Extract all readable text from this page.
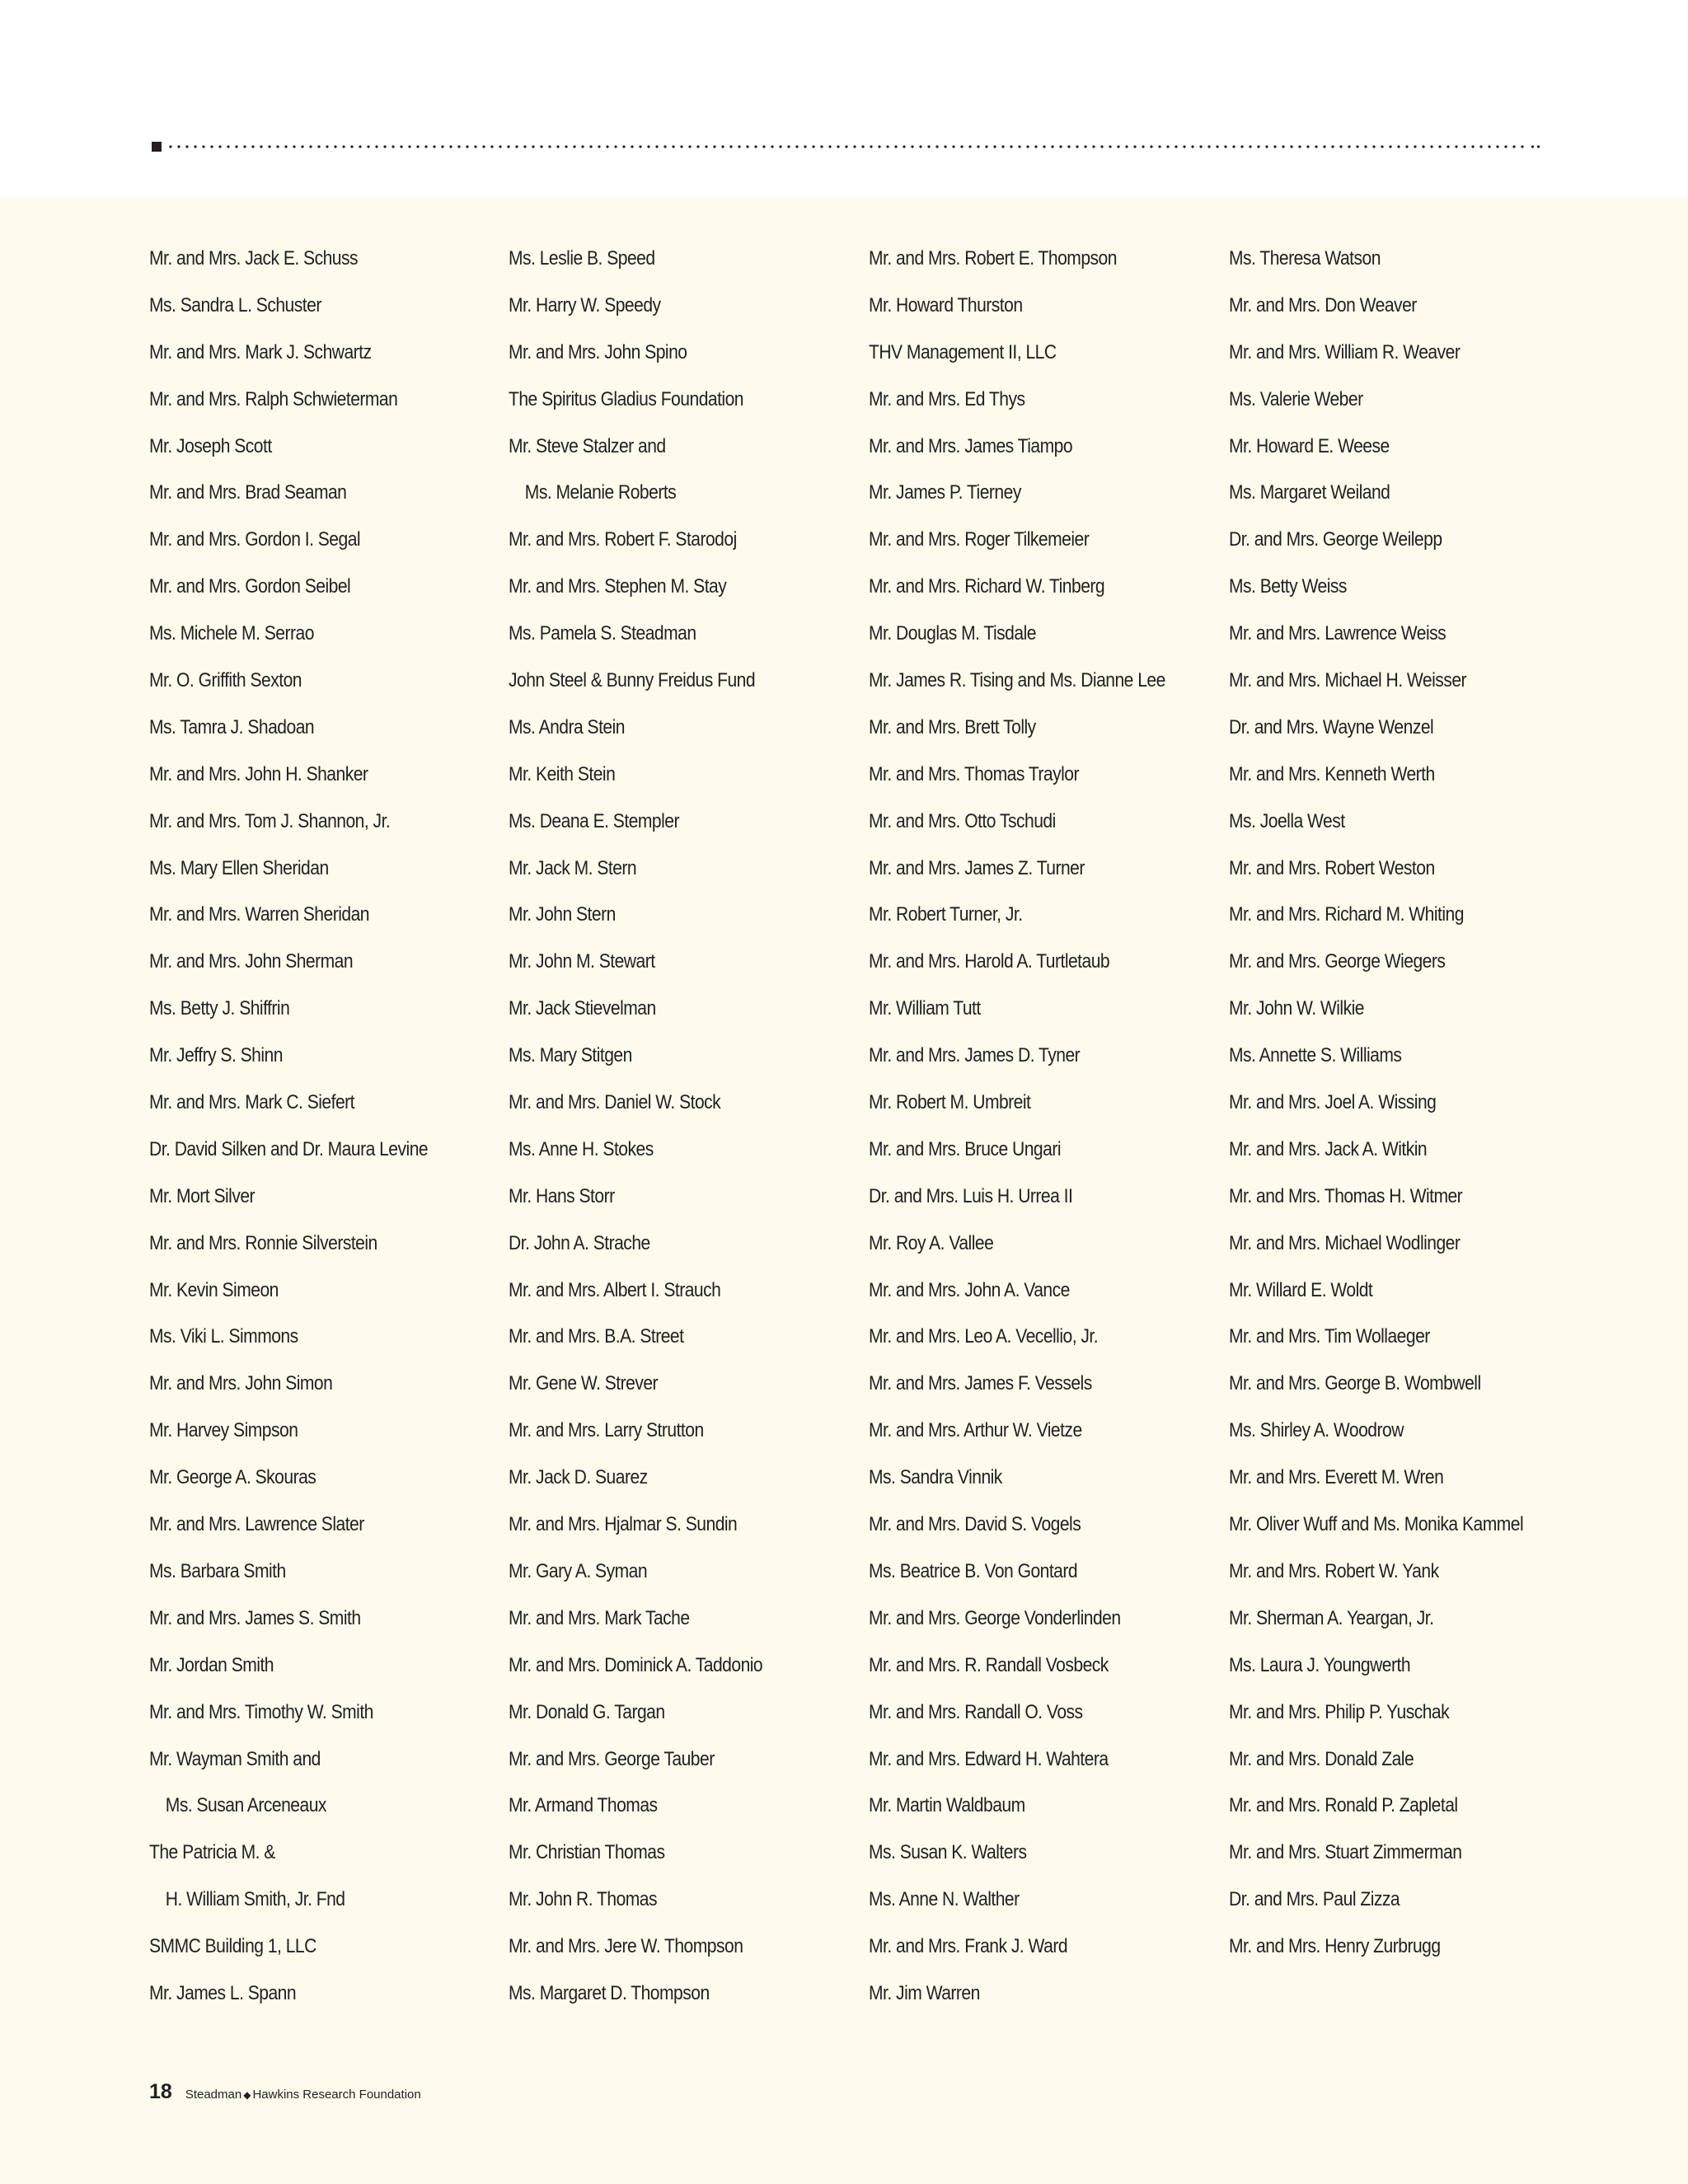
Mr. and Mrs. Jack E. Schuss
Ms. Sandra L. Schuster
Mr. and Mrs. Mark J. Schwartz
Mr. and Mrs. Ralph Schwieterman
Mr. Joseph Scott
Mr. and Mrs. Brad Seaman
Mr. and Mrs. Gordon I. Segal
Mr. and Mrs. Gordon Seibel
Ms. Michele M. Serrao
Mr. O. Griffith Sexton
Ms. Tamra J. Shadoan
Mr. and Mrs. John H. Shanker
Mr. and Mrs. Tom J. Shannon, Jr.
Ms. Mary Ellen Sheridan
Mr. and Mrs. Warren Sheridan
Mr. and Mrs. John Sherman
Ms. Betty J. Shiffrin
Mr. Jeffry S. Shinn
Mr. and Mrs. Mark C. Siefert
Dr. David Silken and Dr. Maura Levine
Mr. Mort Silver
Mr. and Mrs. Ronnie Silverstein
Mr. Kevin Simeon
Ms. Viki L. Simmons
Mr. and Mrs. John Simon
Mr. Harvey Simpson
Mr. George A. Skouras
Mr. and Mrs. Lawrence Slater
Ms. Barbara Smith
Mr. and Mrs. James S. Smith
Mr. Jordan Smith
Mr. and Mrs. Timothy W. Smith
Mr. Wayman Smith and
Ms. Susan Arceneaux
The Patricia M. &
H. William Smith, Jr. Fnd
SMMC Building 1, LLC
Mr. James L. Spann
Ms. Leslie B. Speed
Mr. Harry W. Speedy
Mr. and Mrs. John Spino
The Spiritus Gladius Foundation
Mr. Steve Stalzer and
Ms. Melanie Roberts
Mr. and Mrs. Robert F. Starodoj
Mr. and Mrs. Stephen M. Stay
Ms. Pamela S. Steadman
John Steel & Bunny Freidus Fund
Ms. Andra Stein
Mr. Keith Stein
Ms. Deana E. Stempler
Mr. Jack M. Stern
Mr. John Stern
Mr. John M. Stewart
Mr. Jack Stievelman
Ms. Mary Stitgen
Mr. and Mrs. Daniel W. Stock
Ms. Anne H. Stokes
Mr. Hans Storr
Dr. John A. Strache
Mr. and Mrs. Albert I. Strauch
Mr. and Mrs. B.A. Street
Mr. Gene W. Strever
Mr. and Mrs. Larry Strutton
Mr. Jack D. Suarez
Mr. and Mrs. Hjalmar S. Sundin
Mr. Gary A. Syman
Mr. and Mrs. Mark Tache
Mr. and Mrs. Dominick A. Taddonio
Mr. Donald G. Targan
Mr. and Mrs. George Tauber
Mr. Armand Thomas
Mr. Christian Thomas
Mr. John R. Thomas
Mr. and Mrs. Jere W. Thompson
Ms. Margaret D. Thompson
Mr. and Mrs. Robert E. Thompson
Mr. Howard Thurston
THV Management II, LLC
Mr. and Mrs. Ed Thys
Mr. and Mrs. James Tiampo
Mr. James P. Tierney
Mr. and Mrs. Roger Tilkemeier
Mr. and Mrs. Richard W. Tinberg
Mr. Douglas M. Tisdale
Mr. James R. Tising and Ms. Dianne Lee
Mr. and Mrs. Brett Tolly
Mr. and Mrs. Thomas Traylor
Mr. and Mrs. Otto Tschudi
Mr. and Mrs. James Z. Turner
Mr. Robert Turner, Jr.
Mr. and Mrs. Harold A. Turtletaub
Mr. William Tutt
Mr. and Mrs. James D. Tyner
Mr. Robert M. Umbreit
Mr. and Mrs. Bruce Ungari
Dr. and Mrs. Luis H. Urrea II
Mr. Roy A. Vallee
Mr. and Mrs. John A. Vance
Mr. and Mrs. Leo A. Vecellio, Jr.
Mr. and Mrs. James F. Vessels
Mr. and Mrs. Arthur W. Vietze
Ms. Sandra Vinnik
Mr. and Mrs. David S. Vogels
Ms. Beatrice B. Von Gontard
Mr. and Mrs. George Vonderlinden
Mr. and Mrs. R. Randall Vosbeck
Mr. and Mrs. Randall O. Voss
Mr. and Mrs. Edward H. Wahtera
Mr. Martin Waldbaum
Ms. Susan K. Walters
Ms. Anne N. Walther
Mr. and Mrs. Frank J. Ward
Mr. Jim Warren
Ms. Theresa Watson
Mr. and Mrs. Don Weaver
Mr. and Mrs. William R. Weaver
Ms. Valerie Weber
Mr. Howard E. Weese
Ms. Margaret Weiland
Dr. and Mrs. George Weilepp
Ms. Betty Weiss
Mr. and Mrs. Lawrence Weiss
Mr. and Mrs. Michael H. Weisser
Dr. and Mrs. Wayne Wenzel
Mr. and Mrs. Kenneth Werth
Ms. Joella West
Mr. and Mrs. Robert Weston
Mr. and Mrs. Richard M. Whiting
Mr. and Mrs. George Wiegers
Mr. John W. Wilkie
Ms. Annette S. Williams
Mr. and Mrs. Joel A. Wissing
Mr. and Mrs. Jack A. Witkin
Mr. and Mrs. Thomas H. Witmer
Mr. and Mrs. Michael Wodlinger
Mr. Willard E. Woldt
Mr. and Mrs. Tim Wollaeger
Mr. and Mrs. George B. Wombwell
Ms. Shirley A. Woodrow
Mr. and Mrs. Everett M. Wren
Mr. Oliver Wuff and Ms. Monika Kammel
Mr. and Mrs. Robert W. Yank
Mr. Sherman A. Yeargan, Jr.
Ms. Laura J. Youngwerth
Mr. and Mrs. Philip P. Yuschak
Mr. and Mrs. Donald Zale
Mr. and Mrs. Ronald P. Zapletal
Mr. and Mrs. Stuart Zimmerman
Dr. and Mrs. Paul Zizza
Mr. and Mrs. Henry Zurbrugg
18 Steadman ◆ Hawkins Research Foundation
